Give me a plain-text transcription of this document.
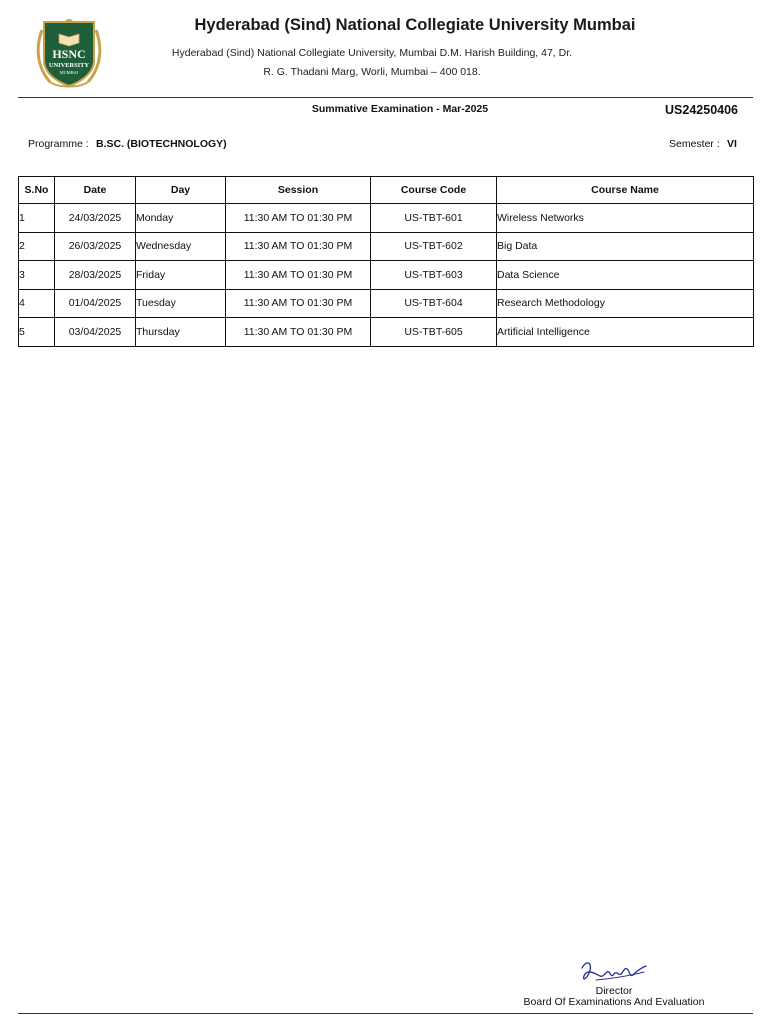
HSNC
UNIVERSITY
MUMBAI
Hyderabad (Sind) National Collegiate University Mumbai
Hyderabad (Sind) National Collegiate University, Mumbai D.M. Harish Building, 47, Dr.
R. G. Thadani Marg, Worli, Mumbai – 400 018.
Summative Examination - Mar-2025	US24250406
Programme : B.SC. (BIOTECHNOLOGY)	Semester : VI
S.No	Date	Day	Session	Course Code	Course Name
1	24/03/2025	Monday	11:30 AM TO 01:30 PM	US-TBT-601	Wireless Networks
2	26/03/2025	Wednesday	11:30 AM TO 01:30 PM	US-TBT-602	Big Data
3	28/03/2025	Friday	11:30 AM TO 01:30 PM	US-TBT-603	Data Science
4	01/04/2025	Tuesday	11:30 AM TO 01:30 PM	US-TBT-604	Research Methodology
5	03/04/2025	Thursday	11:30 AM TO 01:30 PM	US-TBT-605	Artificial Intelligence
Director
Board Of Examinations And Evaluation
